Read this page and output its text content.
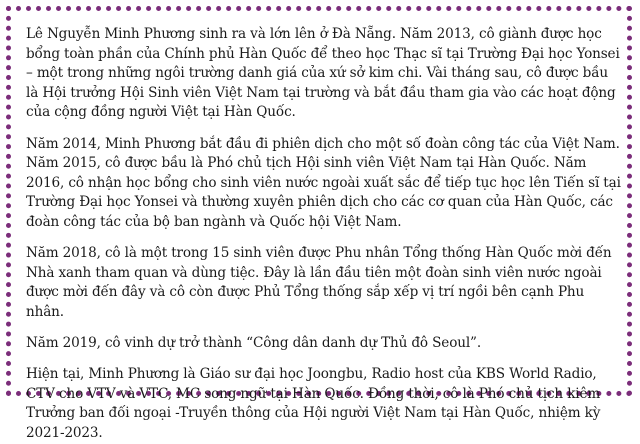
Lê Nguyễn Minh Phương sinh ra và lớn lên ở Đà Nẵng. Năm 2013, cô giành được học bổng toàn phần của Chính phủ Hàn Quốc để theo học Thạc sĩ tại Trường Đại học Yonsei – một trong những ngôi trường danh giá của xứ sở kim chi. Vài tháng sau, cô được bầu là Hội trưởng Hội Sinh viên Việt Nam tại trường và bắt đầu tham gia vào các hoạt động của cộng đồng người Việt tại Hàn Quốc.

Năm 2014, Minh Phương bắt đầu đi phiên dịch cho một số đoàn công tác của Việt Nam. Năm 2015, cô được bầu là Phó chủ tịch Hội sinh viên Việt Nam tại Hàn Quốc. Năm 2016, cô nhận học bổng cho sinh viên nước ngoài xuất sắc để tiếp tục học lên Tiến sĩ tại Trường Đại học Yonsei và thường xuyên phiên dịch cho các cơ quan của Hàn Quốc, các đoàn công tác của bộ ban ngành và Quốc hội Việt Nam.

Năm 2018, cô là một trong 15 sinh viên được Phu nhân Tổng thống Hàn Quốc mời đến Nhà xanh tham quan và dùng tiệc. Đây là lần đầu tiên một đoàn sinh viên nước ngoài được mời đến đây và cô còn được Phủ Tổng thống sắp xếp vị trí ngồi bên cạnh Phu nhân.

Năm 2019, cô vinh dự trở thành “Công dân danh dự Thủ đô Seoul”.

Hiện tại, Minh Phương là Giáo sư đại học Joongbu, Radio host của KBS World Radio, CTV cho VTV và VTC, MC song ngữ tại Hàn Quốc. Đồng thời, cô là Phó chủ tịch kiêm Trưởng ban đối ngoại -Truyền thông của Hội người Việt Nam tại Hàn Quốc, nhiệm kỳ 2021-2023.
